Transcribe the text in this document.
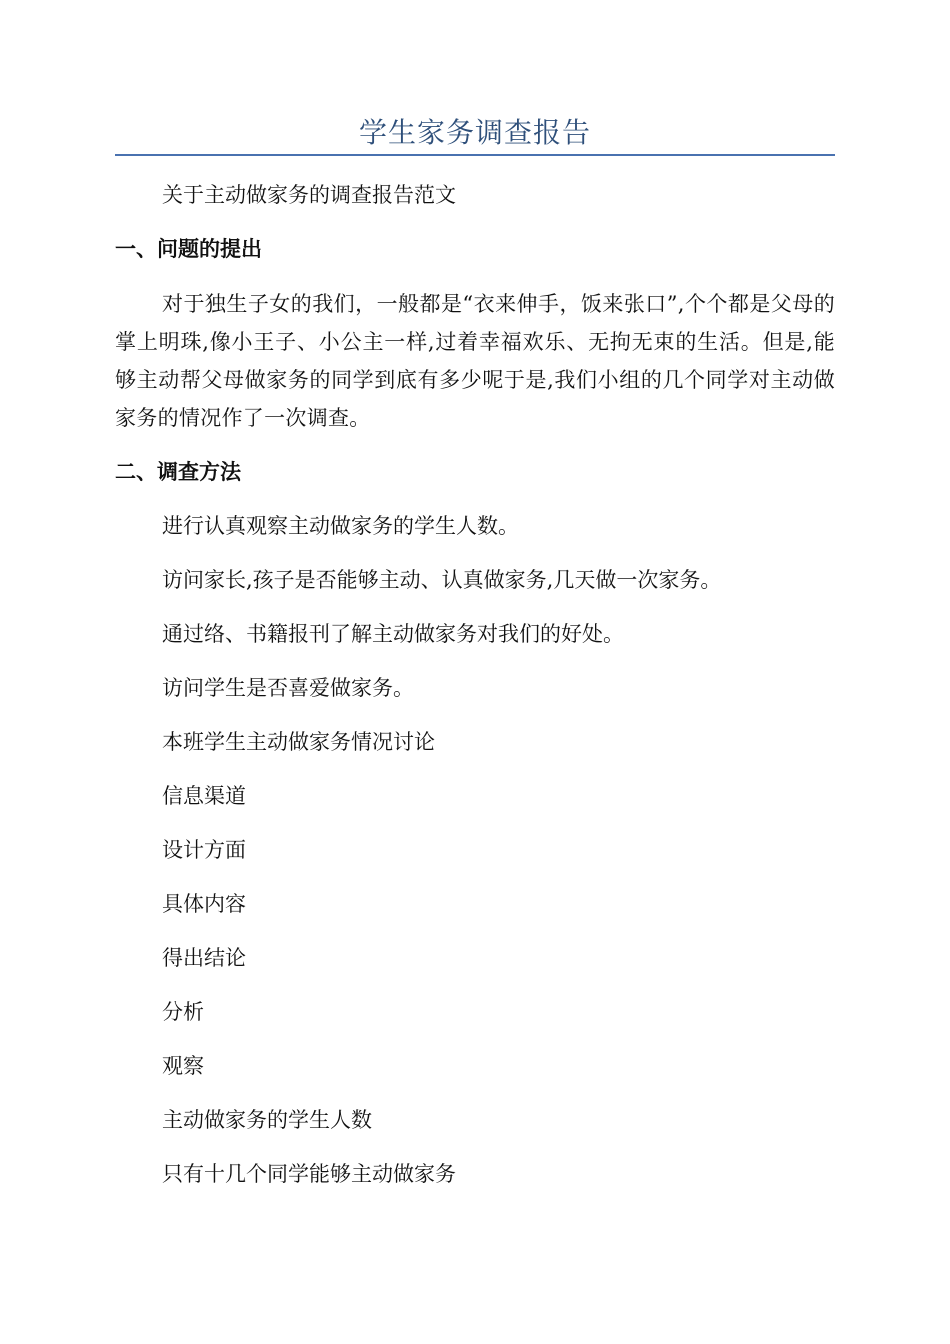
学生家务调查报告
关于主动做家务的调查报告范文
一、问题的提出
对于独生子女的我们，一般都是“衣来伸手，饭来张口”,个个都是父母的掌上明珠,像小王子、小公主一样,过着幸福欢乐、无拘无束的生活。但是,能够主动帮父母做家务的同学到底有多少呢于是,我们小组的几个同学对主动做家务的情况作了一次调查。
二、调查方法
进行认真观察主动做家务的学生人数。
访问家长,孩子是否能够主动、认真做家务,几天做一次家务。
通过络、书籍报刊了解主动做家务对我们的好处。
访问学生是否喜爱做家务。
本班学生主动做家务情况讨论
信息渠道
设计方面
具体内容
得出结论
分析
观察
主动做家务的学生人数
只有十几个同学能够主动做家务
